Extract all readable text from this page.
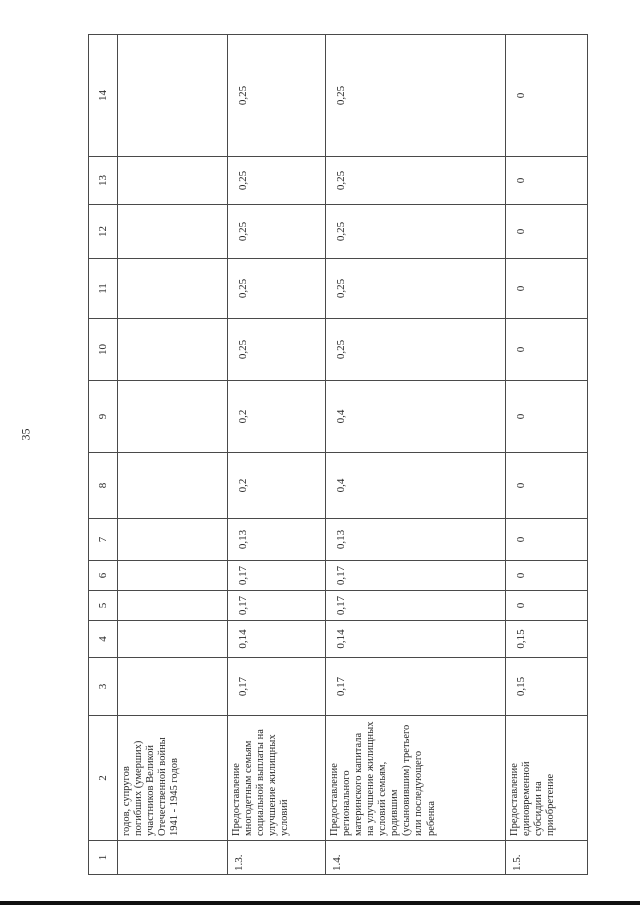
35
1	2	3	4	5	6	7	8	9	10	11	12	13	14
	годов, супругов погибших (умерших) участников Великой Отечественной войны 1941 - 1945 годов												
1.3.	Предоставление многодетным семьям социальной выплаты на улучшение жилищных условий	0,17	0,14	0,17	0,17	0,13	0,2	0,2	0,25	0,25	0,25	0,25	0,25
1.4.	Предоставление регионального материнского капитала на улучшение жилищных условий семьям, родившим (усыновившим) третьего или последующего ребенка	0,17	0,14	0,17	0,17	0,13	0,4	0,4	0,25	0,25	0,25	0,25	0,25
1.5.	Предоставление единовременной субсидии на приобретение	0,15	0,15	0	0	0	0	0	0	0	0	0	0
